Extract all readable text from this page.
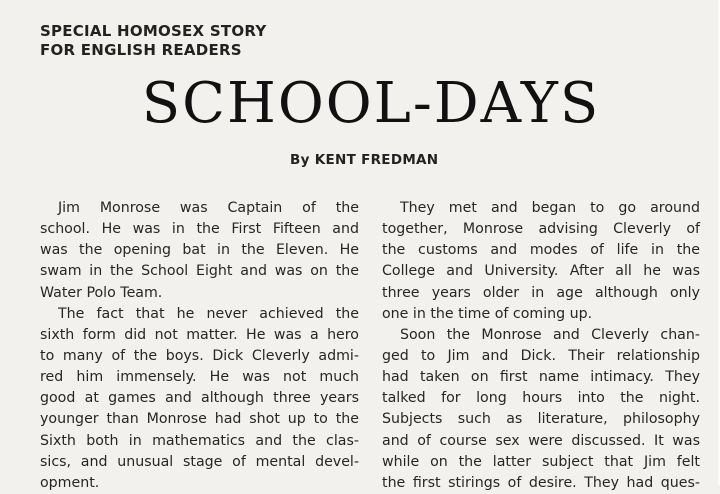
SPECIAL HOMOSEX STORY
FOR ENGLISH READERS
SCHOOL-DAYS
By KENT FREDMAN
Jim Monrose was Captain of the
school. He was in the First Fifteen and
was the opening bat in the Eleven. He
swam in the School Eight and was on the
Water Polo Team.
The fact that he never achieved the
sixth form did not matter. He was a hero
to many of the boys. Dick Cleverly admi-
red him immensely. He was not much
good at games and although three years
younger than Monrose had shot up to the
Sixth both in mathematics and the clas-
sics, and unusual stage of mental devel-
opment.
They met and began to go around
together, Monrose advising Cleverly of
the customs and modes of life in the
College and University. After all he was
three years older in age although only
one in the time of coming up.
Soon the Monrose and Cleverly chan-
ged to Jim and Dick. Their relationship
had taken on first name intimacy. They
talked for long hours into the night.
Subjects such as literature, philosophy
and of course sex were discussed. It was
while on the latter subject that Jim felt
the first stirings of desire. They had ques-
